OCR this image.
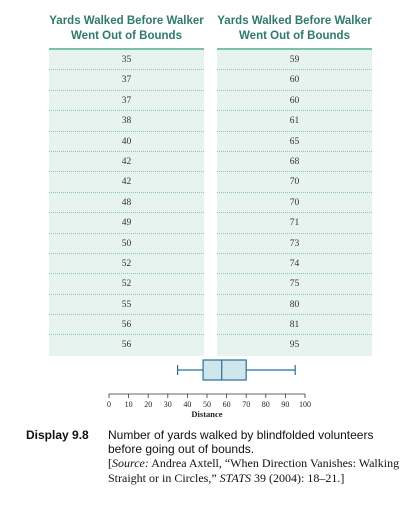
Yards Walked Before Walker
Went Out of Bounds
35
37
37
38
40
42
42
48
49
50
52
52
55
56
56
Yards Walked Before Walker
Went Out of Bounds
59
60
60
61
65
68
70
70
71
73
74
75
80
81
95
0 10 20 30 40 50 60 70 80 90 100
Distance
Display 9.8 Number of yards walked by blindfolded volunteers before going out of bounds.
[Source: Andrea Axtell, “When Direction Vanishes: Walking Straight or in Circles,” STATS 39 (2004): 18–21.]
